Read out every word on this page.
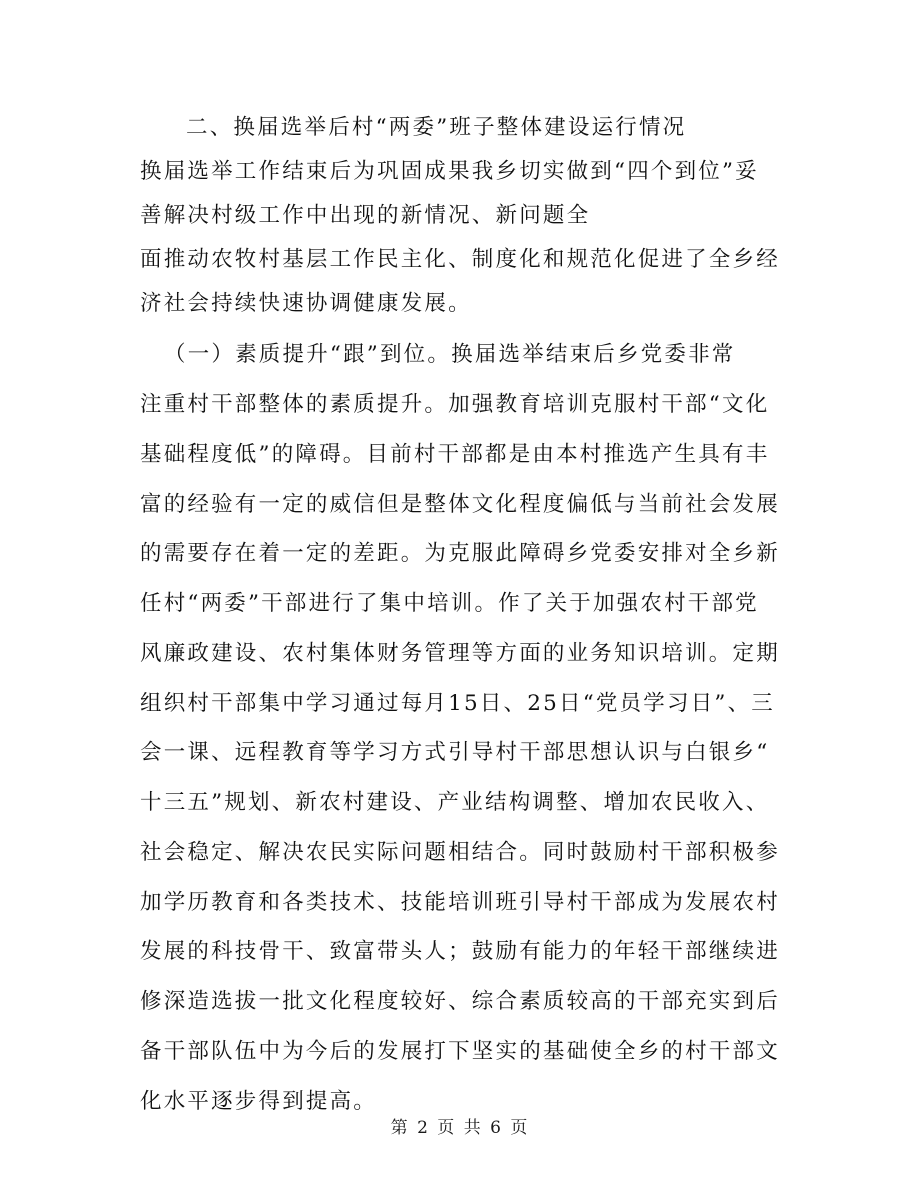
二、换届选举后村“两委”班子整体建设运行情况
换届选举工作结束后为巩固成果我乡切实做到“四个到位”妥
善解决村级工作中出现的新情况、新问题全
面推动农牧村基层工作民主化、制度化和规范化促进了全乡经
济社会持续快速协调健康发展。
（一）素质提升“跟”到位。换届选举结束后乡党委非常
注重村干部整体的素质提升。加强教育培训克服村干部“文化
基础程度低”的障碍。目前村干部都是由本村推选产生具有丰
富的经验有一定的威信但是整体文化程度偏低与当前社会发展
的需要存在着一定的差距。为克服此障碍乡党委安排对全乡新
任村“两委”干部进行了集中培训。作了关于加强农村干部党
风廉政建设、农村集体财务管理等方面的业务知识培训。定期
组织村干部集中学习通过每月15日、25日“党员学习日”、三
会一课、远程教育等学习方式引导村干部思想认识与白银乡“
十三五”规划、新农村建设、产业结构调整、增加农民收入、
社会稳定、解决农民实际问题相结合。同时鼓励村干部积极参
加学历教育和各类技术、技能培训班引导村干部成为发展农村
发展的科技骨干、致富带头人；鼓励有能力的年轻干部继续进
修深造选拔一批文化程度较好、综合素质较高的干部充实到后
备干部队伍中为今后的发展打下坚实的基础使全乡的村干部文
化水平逐步得到提高。
第 2 页 共 6 页
